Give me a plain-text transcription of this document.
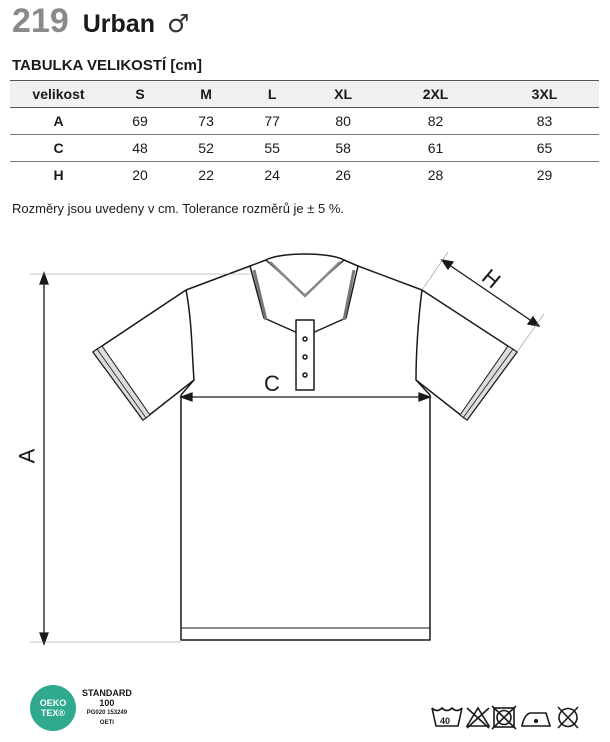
219 Urban ♂
TABULKA VELIKOSTÍ [cm]
velikost	S	M	L	XL	2XL	3XL
A	69	73	77	80	82	83
C	48	52	55	58	61	65
H	20	22	24	26	28	29
Rozměry jsou uvedeny v cm. Tolerance rozměrů je ± 5 %.
A
C
H
OEKO
TEX®
STANDARD
100
PG020 153249
OETI	40
